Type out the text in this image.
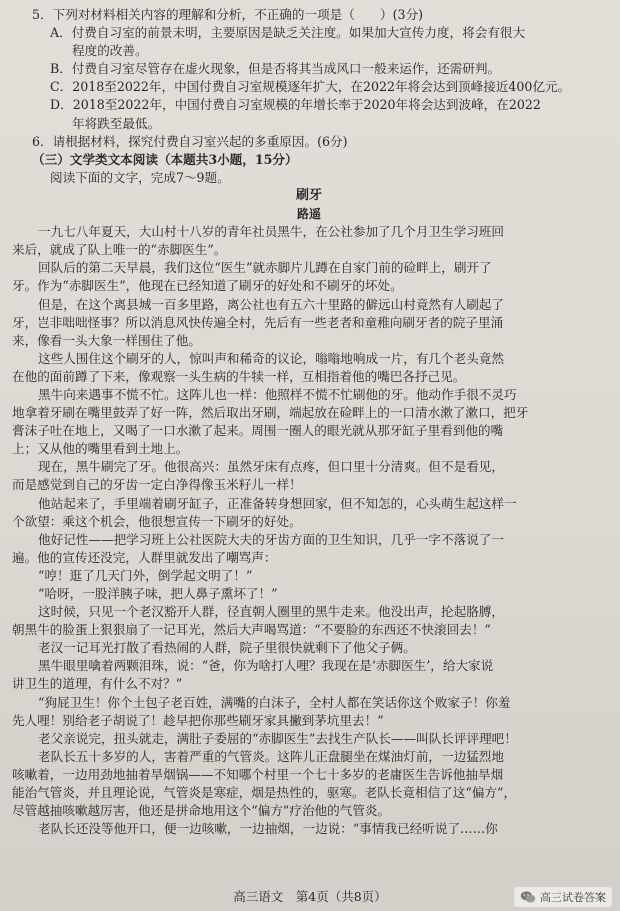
5．下列对材料相关内容的理解和分析，不正确的一项是（　　）(3分)
A．付费自习室的前景未明，主要原因是缺乏关注度。如果加大宣传力度，将会有很大
程度的改善。
B．付费自习室尽管存在虚火现象，但是否将其当成风口一般来运作，还需研判。
C．2018至2022年，中国付费自习室规模逐年扩大，在2022年将会达到顶峰接近400亿元。
D．2018至2022年，中国付费自习室规模的年增长率于2020年将会达到波峰，在2022
年将跌至最低。
6．请根据材料，探究付费自习室兴起的多重原因。(6分)
（三）文学类文本阅读（本题共3小题，15分）
阅读下面的文字，完成7～9题。
刷牙
路遥
一九七八年夏天，大山村十八岁的青年社员黑牛，在公社参加了几个月卫生学习班回
来后，就成了队上唯一的“赤脚医生”。
回队后的第二天早晨，我们这位“医生”就赤脚片儿蹲在自家门前的硷畔上，刷开了
牙。作为“赤脚医生”，他现在已经知道了刷牙的好处和不刷牙的坏处。
但是，在这个离县城一百多里路，离公社也有五六十里路的僻远山村竟然有人刷起了
牙，岂非咄咄怪事？所以消息风快传遍全村，先后有一些老者和童稚向刷牙者的院子里涌
来，像看一头大象一样围住了他。
这些人围住这个刷牙的人，惊叫声和稀奇的议论，嗡嗡地响成一片，有几个老头竟然
在他的面前蹲了下来，像观察一头生病的牛犊一样，互相指着他的嘴巴各抒己见。
黑牛向来遇事不慌不忙。这阵儿也一样：他照样不慌不忙刷他的牙。他动作手很不灵巧
地拿着牙刷在嘴里鼓弄了好一阵，然后取出牙刷，端起放在硷畔上的一口清水漱了漱口，把牙
膏沫子吐在地上，又喝了一口水漱了起来。周围一圈人的眼光就从那牙缸子里看到他的嘴
上；又从他的嘴里看到土地上。
现在，黑牛刷完了牙。他很高兴：虽然牙床有点疼，但口里十分清爽。但不是看见，
而是感觉到自己的牙齿一定白净得像玉米籽儿一样！
他站起来了，手里端着刷牙缸子，正准备转身想回家，但不知怎的，心头萌生起这样一
个欲望：乘这个机会，他很想宣传一下刷牙的好处。
他好记性——把学习班上公社医院大夫的牙齿方面的卫生知识，几乎一字不落说了一
遍。他的宣传还没完，人群里就发出了嘲骂声：
“哼！逛了几天门外，倒学起文明了！”
“哈呀，一股洋胰子味，把人鼻子熏坏了！”
这时候，只见一个老汉豁开人群，径直朝人圈里的黑牛走来。他没出声，抡起胳膊，
朝黑牛的脸蛋上狠狠扇了一记耳光，然后大声喝骂道：“不要脸的东西还不快滚回去！”
老汉一记耳光打散了看热闹的人群，院子里很快就剩下了他父子俩。
黑牛眼里噙着两颗泪珠，说：“爸，你为啥打人哩？我现在是‘赤脚医生’，给大家说
讲卫生的道理，有什么不对？”
“狗屁卫生！你个土包子老百姓，满嘴的白沫子，全村人都在笑话你这个败家子！你羞
先人哩！别给老子胡说了！趁早把你那些刷牙家具撇到茅坑里去！”
老父亲说完，扭头就走，满肚子委屈的“赤脚医生”去找生产队长——叫队长评评理吧！
老队长五十多岁的人，害着严重的气管炎。这阵儿正盘腿坐在煤油灯前，一边猛烈地
咳嗽着，一边用劲地抽着旱烟锅——不知哪个村里一个七十多岁的老庸医生告诉他抽旱烟
能治气管炎，并且理论说，气管炎是寒症，烟是热性的，驱寒。老队长竟相信了这“偏方”，
尽管越抽咳嗽越厉害，他还是拼命地用这个“偏方”疗治他的气管炎。
老队长还没等他开口，便一边咳嗽，一边抽烟，一边说：“事情我已经听说了……你
高三语文　第4页（共8页）	高三试卷答案
